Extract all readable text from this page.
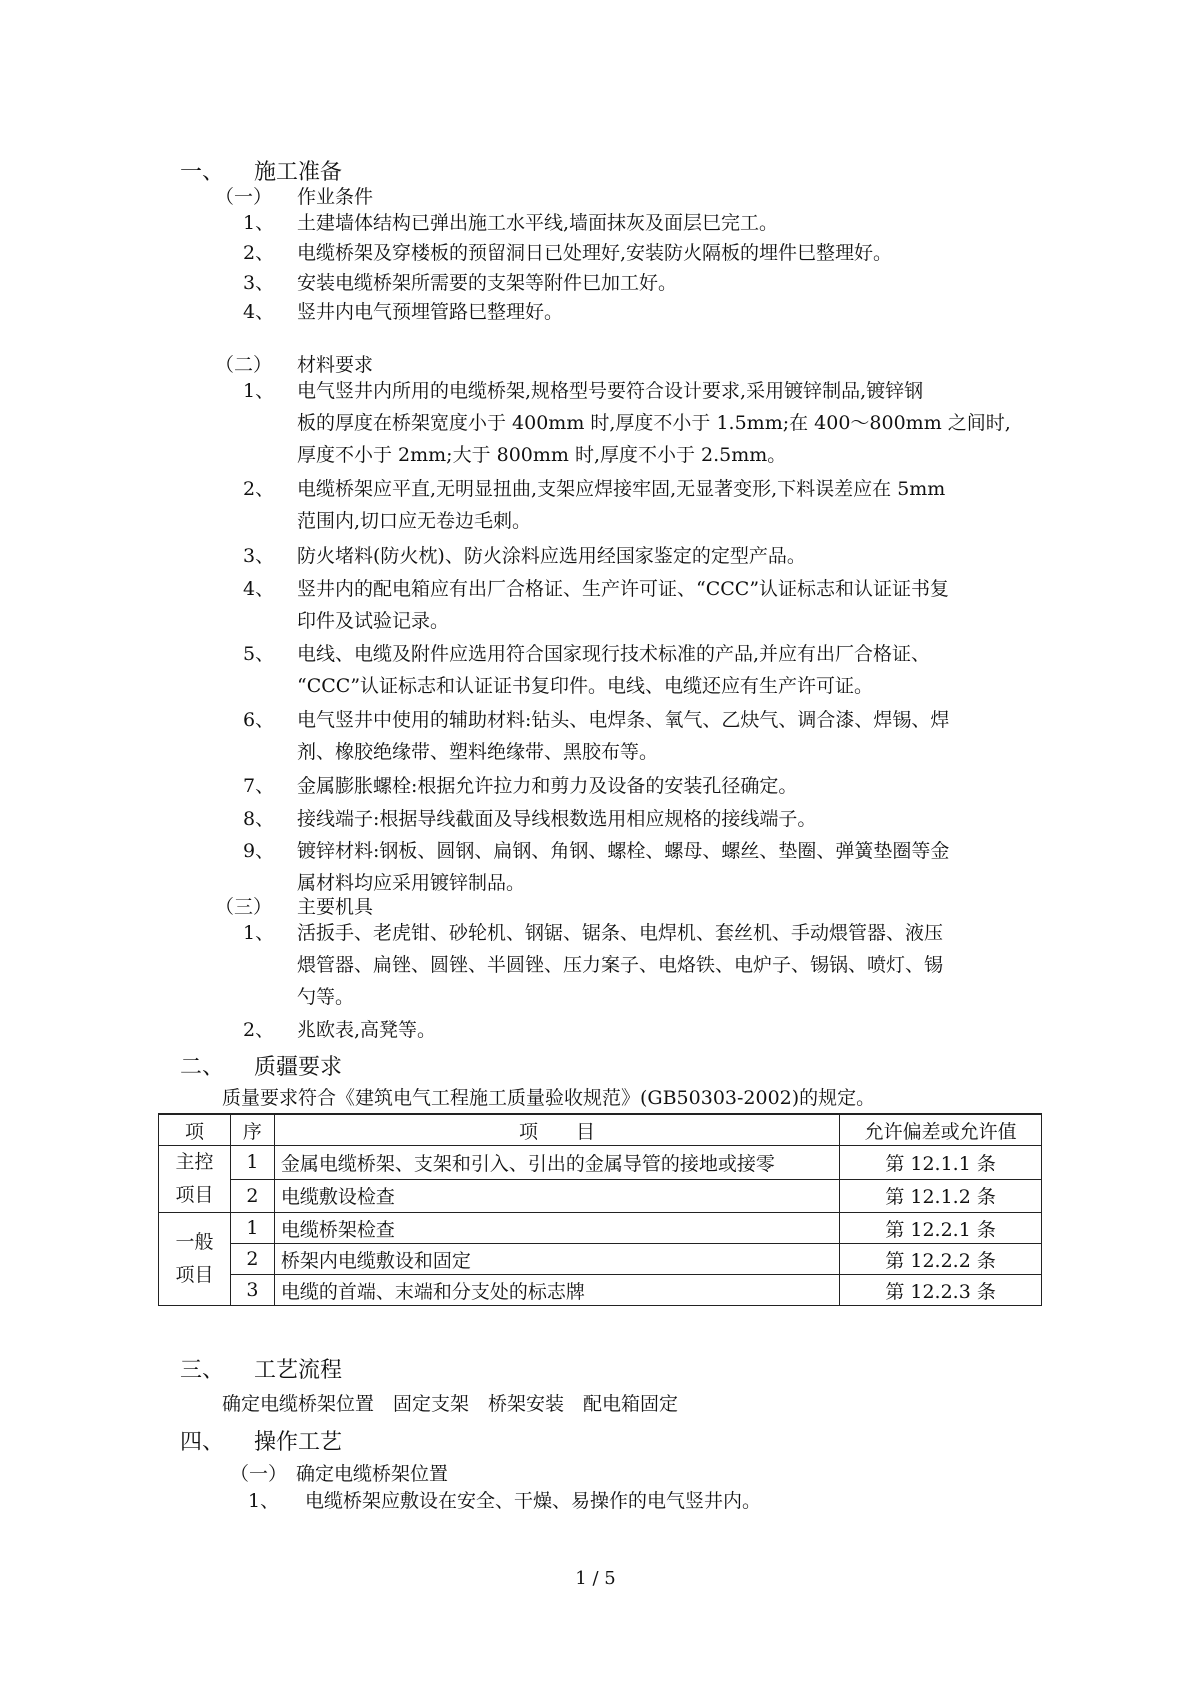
一、 施工准备
（一） 作业条件
1、 土建墙体结构已弹出施工水平线,墙面抹灰及面层巳完工。
2、 电缆桥架及穿楼板的预留洞日已处理好,安装防火隔板的埋件巳整理好。
3、 安装电缆桥架所需要的支架等附件巳加工好。
4、 竖井内电气预埋管路巳整理好。
（二） 材料要求
1、 电气竖井内所用的电缆桥架,规格型号要符合设计要求,采用镀锌制品,镀锌钢
板的厚度在桥架宽度小于 400mm 时,厚度不小于 1.5mm;在 400～800mm 之间时,
厚度不小于 2mm;大于 800mm 时,厚度不小于 2.5mm。
2、 电缆桥架应平直,无明显扭曲,支架应焊接牢固,无显著变形,下料误差应在 5mm
范围内,切口应无卷边毛刺。
3、 防火堵料(防火枕)、防火涂料应选用经国家鉴定的定型产品。
4、 竖井内的配电箱应有出厂合格证、生产许可证、“CCC”认证标志和认证证书复
印件及试验记录。
5、 电线、电缆及附件应选用符合国家现行技术标准的产品,并应有出厂合格证、
“CCC”认证标志和认证证书复印件。电线、电缆还应有生产许可证。
6、 电气竖井中使用的辅助材料:钻头、电焊条、氧气、乙炔气、调合漆、焊锡、焊
剂、橡胶绝缘带、塑料绝缘带、黑胶布等。
7、 金属膨胀螺栓:根据允许拉力和剪力及设备的安装孔径确定。
8、 接线端子:根据导线截面及导线根数选用相应规格的接线端子。
9、 镀锌材料:钢板、圆钢、扁钢、角钢、螺栓、螺母、螺丝、垫圈、弹簧垫圈等金
属材料均应采用镀锌制品。
（三） 主要机具
1、 活扳手、老虎钳、砂轮机、钢锯、锯条、电焊机、套丝机、手动煨管器、液压
煨管器、扁锉、圆锉、半圆锉、压力案子、电烙铁、电炉子、锡锅、喷灯、锡
勺等。
2、 兆欧表,高凳等。
二、 质疆要求
质量要求符合《建筑电气工程施工质量验收规范》(GB50303-2002)的规定。
项	序	项　　目	允许偏差或允许值
主控
项目	1	金属电缆桥架、支架和引入、引出的金属导管的接地或接零	第 12.1.1 条
	2	电缆敷设检查	第 12.1.2 条
一般
项目	1	电缆桥架检查	第 12.2.1 条
	2	桥架内电缆敷设和固定	第 12.2.2 条
	3	电缆的首端、末端和分支处的标志牌	第 12.2.3 条
三、 工艺流程
确定电缆桥架位置　固定支架　桥架安装　配电箱固定
四、 操作工艺
（一） 确定电缆桥架位置
1、 电缆桥架应敷设在安全、干燥、易操作的电气竖井内。
1 / 5
